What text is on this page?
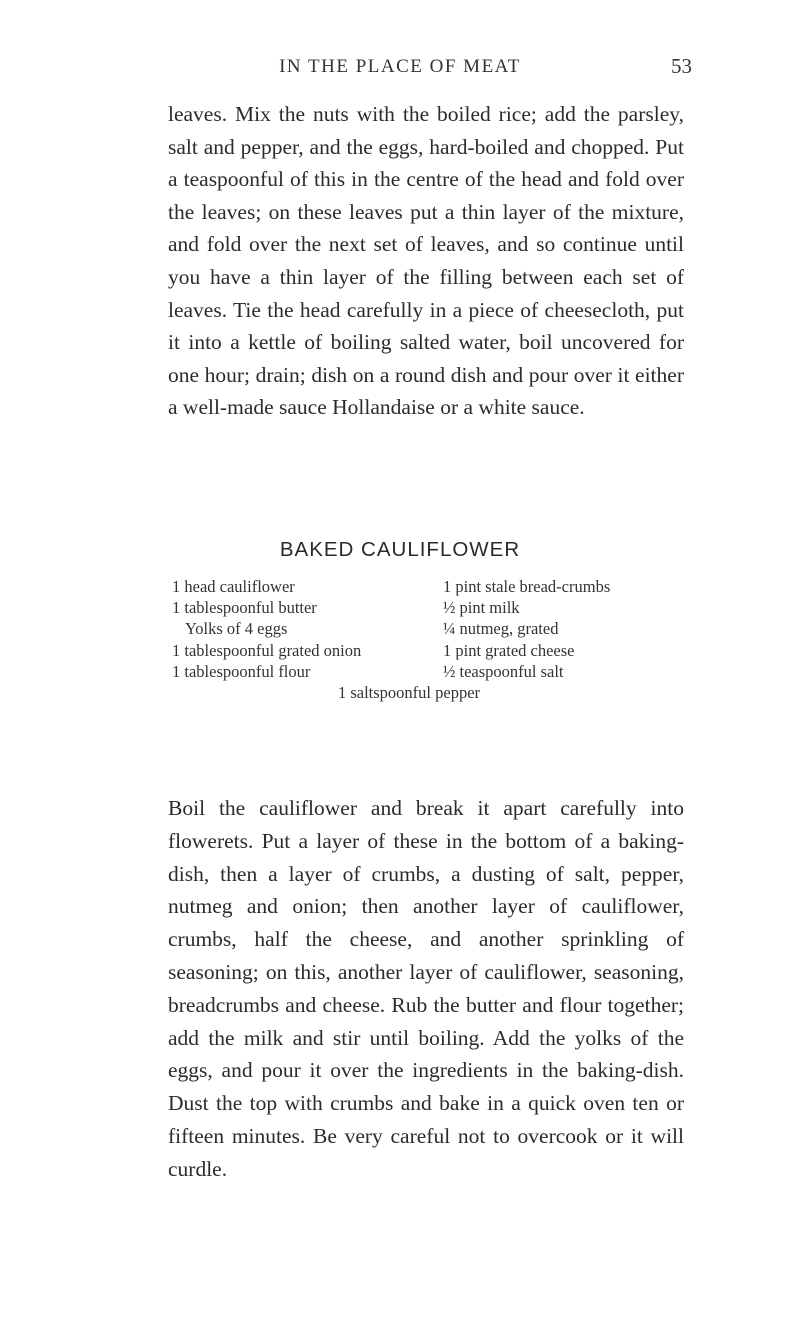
IN THE PLACE OF MEAT	53

leaves. Mix the nuts with the boiled rice; add the parsley, salt and pepper, and the eggs, hard-boiled and chopped. Put a teaspoonful of this in the centre of the head and fold over the leaves; on these leaves put a thin layer of the mixture, and fold over the next set of leaves, and so continue until you have a thin layer of the filling between each set of leaves. Tie the head carefully in a piece of cheesecloth, put it into a kettle of boiling salted water, boil uncovered for one hour; drain; dish on a round dish and pour over it either a well-made sauce Hollandaise or a white sauce.

BAKED CAULIFLOWER
1 head cauliflower	1 pint stale bread-crumbs
1 tablespoonful butter	½ pint milk
Yolks of 4 eggs	¼ nutmeg, grated
1 tablespoonful grated onion	1 pint grated cheese
1 tablespoonful flour	½ teaspoonful salt
1 saltspoonful pepper

Boil the cauliflower and break it apart carefully into flowerets. Put a layer of these in the bottom of a baking-dish, then a layer of crumbs, a dusting of salt, pepper, nutmeg and onion; then another layer of cauliflower, crumbs, half the cheese, and another sprinkling of seasoning; on this, another layer of cauliflower, seasoning, breadcrumbs and cheese. Rub the butter and flour together; add the milk and stir until boiling. Add the yolks of the eggs, and pour it over the ingredients in the baking-dish. Dust the top with crumbs and bake in a quick oven ten or fifteen minutes. Be very careful not to overcook or it will curdle.
